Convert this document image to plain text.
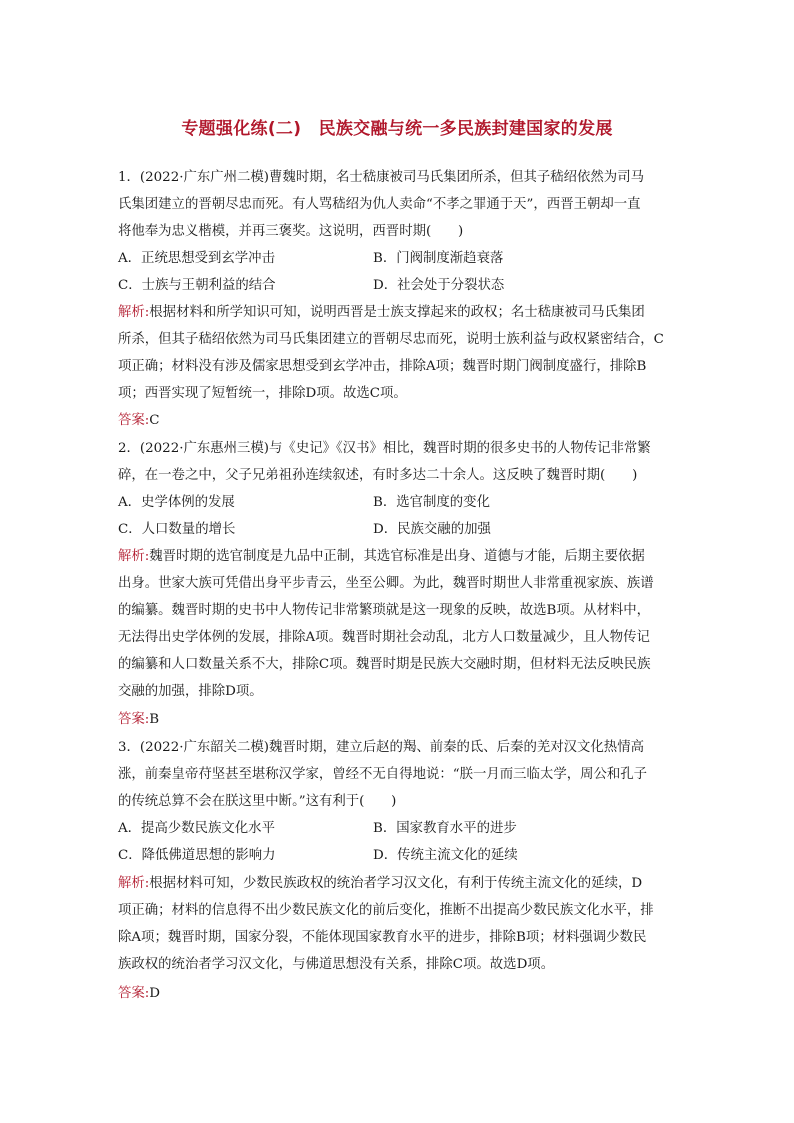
专题强化练(二)　民族交融与统一多民族封建国家的发展
1．(2022·广东广州二模)曹魏时期，名士嵇康被司马氏集团所杀，但其子嵇绍依然为司马
氏集团建立的晋朝尽忠而死。有人骂嵇绍为仇人卖命“不孝之罪通于天”，西晋王朝却一直
将他奉为忠义楷模，并再三褒奖。这说明，西晋时期(　　)
A．正统思想受到玄学冲击	B．门阀制度渐趋衰落
C．士族与王朝利益的结合	D．社会处于分裂状态
解析:根据材料和所学知识可知，说明西晋是士族支撑起来的政权；名士嵇康被司马氏集团
所杀，但其子嵇绍依然为司马氏集团建立的晋朝尽忠而死，说明士族利益与政权紧密结合，C
项正确；材料没有涉及儒家思想受到玄学冲击，排除A项；魏晋时期门阀制度盛行，排除B
项；西晋实现了短暂统一，排除D项。故选C项。
答案:C
2．(2022·广东惠州三模)与《史记》《汉书》相比，魏晋时期的很多史书的人物传记非常繁
碎，在一卷之中，父子兄弟祖孙连续叙述，有时多达二十余人。这反映了魏晋时期(　　)
A．史学体例的发展	B．选官制度的变化
C．人口数量的增长	D．民族交融的加强
解析:魏晋时期的选官制度是九品中正制，其选官标准是出身、道德与才能，后期主要依据
出身。世家大族可凭借出身平步青云，坐至公卿。为此，魏晋时期世人非常重视家族、族谱
的编纂。魏晋时期的史书中人物传记非常繁琐就是这一现象的反映，故选B项。从材料中，
无法得出史学体例的发展，排除A项。魏晋时期社会动乱，北方人口数量减少，且人物传记
的编纂和人口数量关系不大，排除C项。魏晋时期是民族大交融时期，但材料无法反映民族
交融的加强，排除D项。
答案:B
3．(2022·广东韶关二模)魏晋时期，建立后赵的羯、前秦的氐、后秦的羌对汉文化热情高
涨，前秦皇帝苻坚甚至堪称汉学家，曾经不无自得地说：“朕一月而三临太学，周公和孔子
的传统总算不会在朕这里中断。”这有利于(　　)
A．提高少数民族文化水平	B．国家教育水平的进步
C．降低佛道思想的影响力	D．传统主流文化的延续
解析:根据材料可知，少数民族政权的统治者学习汉文化，有利于传统主流文化的延续，D
项正确；材料的信息得不出少数民族文化的前后变化，推断不出提高少数民族文化水平，排
除A项；魏晋时期，国家分裂，不能体现国家教育水平的进步，排除B项；材料强调少数民
族政权的统治者学习汉文化，与佛道思想没有关系，排除C项。故选D项。
答案:D
